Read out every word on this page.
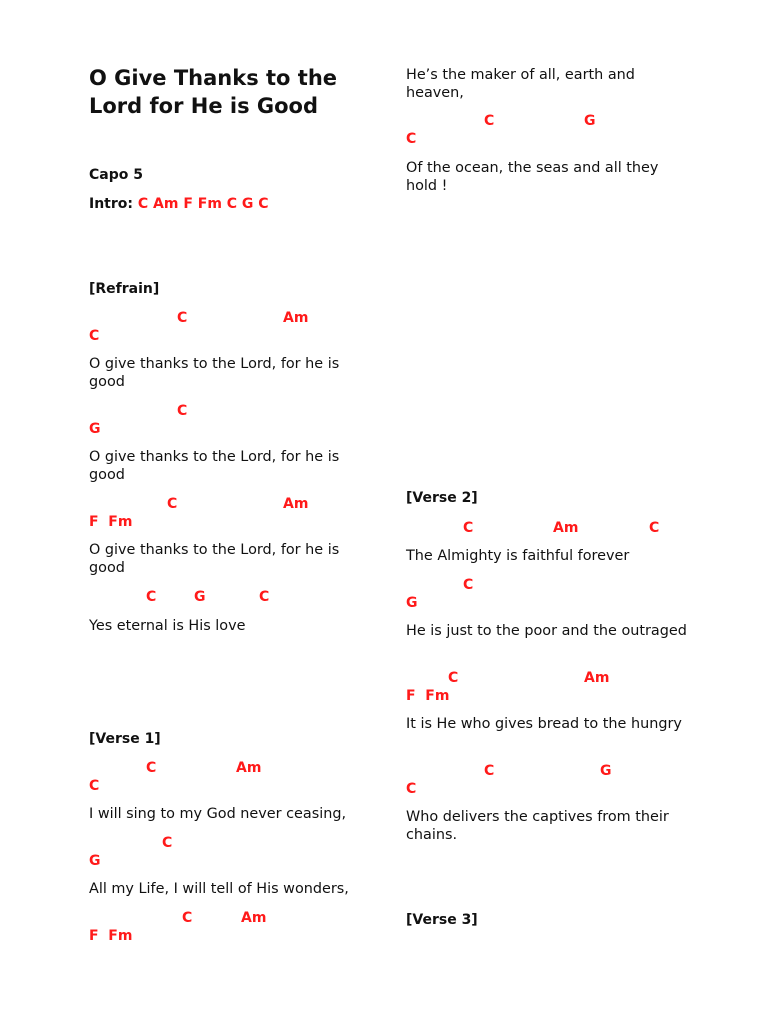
O Give Thanks to the Lord for He is Good
Capo 5
Intro: C Am F Fm C G C
[Refrain]
C	Am
C
O give thanks to the Lord, for he is good
C
G
O give thanks to the Lord, for he is good
C	Am
F  Fm
O give thanks to the Lord, for he is good
C	G	C
Yes eternal is His love
[Verse 1]
C	Am
C
I will sing to my God never ceasing,
C
G
All my Life, I will tell of His wonders,
C	Am
F  Fm
He’s the maker of all, earth and heaven,
C	G
C
Of the ocean, the seas and all they hold !
[Verse 2]
C	Am	C
The Almighty is faithful forever
C
G
He is just to the poor and the outraged
C	Am
F  Fm
It is He who gives bread to the hungry
C	G
C
Who delivers the captives from their chains.
[Verse 3]
